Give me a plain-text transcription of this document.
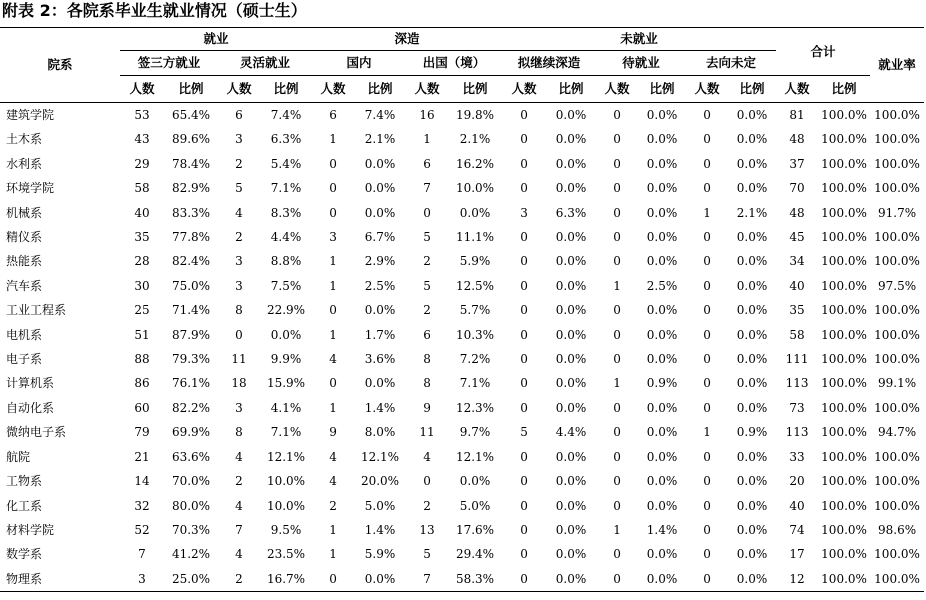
附表 2：各院系毕业生就业情况（硕士生）
院系	就业				深造				未就业						合计		就业率
	签三方就业		灵活就业		国内		出国（境）		拟继续深造		待就业		去向未定				
	人数	比例	人数	比例	人数	比例	人数	比例	人数	比例	人数	比例	人数	比例	人数	比例	
建筑学院	53	65.4%	6	7.4%	6	7.4%	16	19.8%	0	0.0%	0	0.0%	0	0.0%	81	100.0%	100.0%
土木系	43	89.6%	3	6.3%	1	2.1%	1	2.1%	0	0.0%	0	0.0%	0	0.0%	48	100.0%	100.0%
水利系	29	78.4%	2	5.4%	0	0.0%	6	16.2%	0	0.0%	0	0.0%	0	0.0%	37	100.0%	100.0%
环境学院	58	82.9%	5	7.1%	0	0.0%	7	10.0%	0	0.0%	0	0.0%	0	0.0%	70	100.0%	100.0%
机械系	40	83.3%	4	8.3%	0	0.0%	0	0.0%	3	6.3%	0	0.0%	1	2.1%	48	100.0%	91.7%
精仪系	35	77.8%	2	4.4%	3	6.7%	5	11.1%	0	0.0%	0	0.0%	0	0.0%	45	100.0%	100.0%
热能系	28	82.4%	3	8.8%	1	2.9%	2	5.9%	0	0.0%	0	0.0%	0	0.0%	34	100.0%	100.0%
汽车系	30	75.0%	3	7.5%	1	2.5%	5	12.5%	0	0.0%	1	2.5%	0	0.0%	40	100.0%	97.5%
工业工程系	25	71.4%	8	22.9%	0	0.0%	2	5.7%	0	0.0%	0	0.0%	0	0.0%	35	100.0%	100.0%
电机系	51	87.9%	0	0.0%	1	1.7%	6	10.3%	0	0.0%	0	0.0%	0	0.0%	58	100.0%	100.0%
电子系	88	79.3%	11	9.9%	4	3.6%	8	7.2%	0	0.0%	0	0.0%	0	0.0%	111	100.0%	100.0%
计算机系	86	76.1%	18	15.9%	0	0.0%	8	7.1%	0	0.0%	1	0.9%	0	0.0%	113	100.0%	99.1%
自动化系	60	82.2%	3	4.1%	1	1.4%	9	12.3%	0	0.0%	0	0.0%	0	0.0%	73	100.0%	100.0%
微纳电子系	79	69.9%	8	7.1%	9	8.0%	11	9.7%	5	4.4%	0	0.0%	1	0.9%	113	100.0%	94.7%
航院	21	63.6%	4	12.1%	4	12.1%	4	12.1%	0	0.0%	0	0.0%	0	0.0%	33	100.0%	100.0%
工物系	14	70.0%	2	10.0%	4	20.0%	0	0.0%	0	0.0%	0	0.0%	0	0.0%	20	100.0%	100.0%
化工系	32	80.0%	4	10.0%	2	5.0%	2	5.0%	0	0.0%	0	0.0%	0	0.0%	40	100.0%	100.0%
材料学院	52	70.3%	7	9.5%	1	1.4%	13	17.6%	0	0.0%	1	1.4%	0	0.0%	74	100.0%	98.6%
数学系	7	41.2%	4	23.5%	1	5.9%	5	29.4%	0	0.0%	0	0.0%	0	0.0%	17	100.0%	100.0%
物理系	3	25.0%	2	16.7%	0	0.0%	7	58.3%	0	0.0%	0	0.0%	0	0.0%	12	100.0%	100.0%
